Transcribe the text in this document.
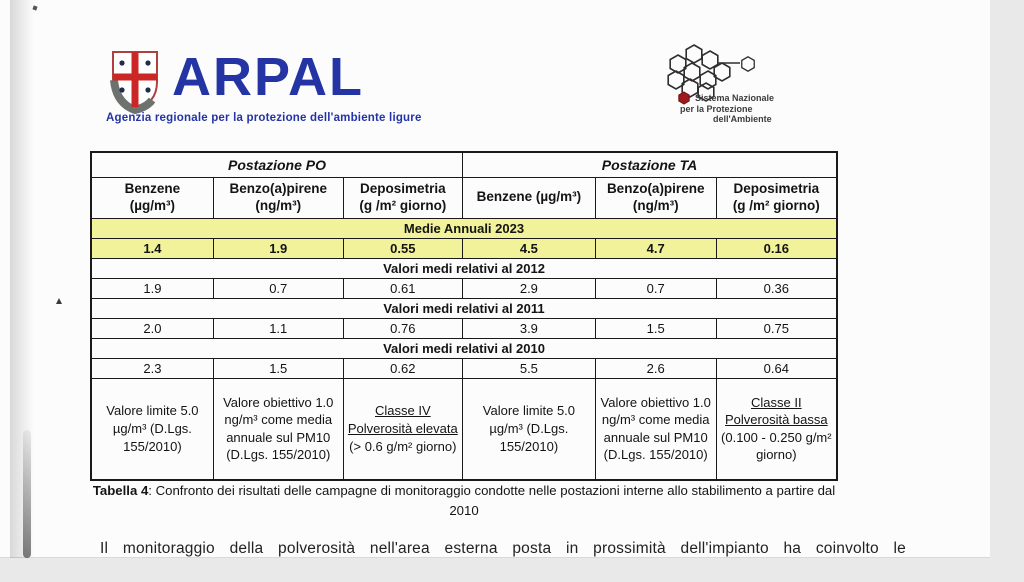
ARPAL
Agenzia regionale per la protezione dell'ambiente ligure
Sistema Nazionale
per la Protezione
dell'Ambiente
Postazione PO			Postazione TA		

Benzene
(µg/m³)

Benzo(a)pirene
(ng/m³)

Deposimetria
(g /m² giorno)

Benzene (µg/m³)

Benzo(a)pirene
(ng/m³)

Deposimetria
(g /m² giorno)

Medie Annuali 2023					
1.4	1.9	0.55	4.5	4.7	0.16
Valori medi relativi al 2012					
1.9	0.7	0.61	2.9	0.7	0.36
Valori medi relativi al 2011					
2.0	1.1	0.76	3.9	1.5	0.75
Valori medi relativi al 2010					
2.3	1.5	0.62	5.5	2.6	0.64
Valore limite 5.0 µg/m³ (D.Lgs. 155/2010)	Valore obiettivo 1.0 ng/m³ come media annuale sul PM10 (D.Lgs. 155/2010)	Classe IV Polverosità elevata
(> 0.6 g/m² giorno)	Valore limite 5.0 µg/m³ (D.Lgs. 155/2010)	Valore obiettivo 1.0 ng/m³ come media annuale sul PM10 (D.Lgs. 155/2010)	Classe II Polverosità bassa
(0.100 - 0.250 g/m² giorno)
Tabella 4: Confronto dei risultati delle campagne di monitoraggio condotte nelle postazioni interne allo stabilimento a partire dal 2010
Il monitoraggio della polverosità nell'area esterna posta in prossimità dell'impianto ha coinvolto le
